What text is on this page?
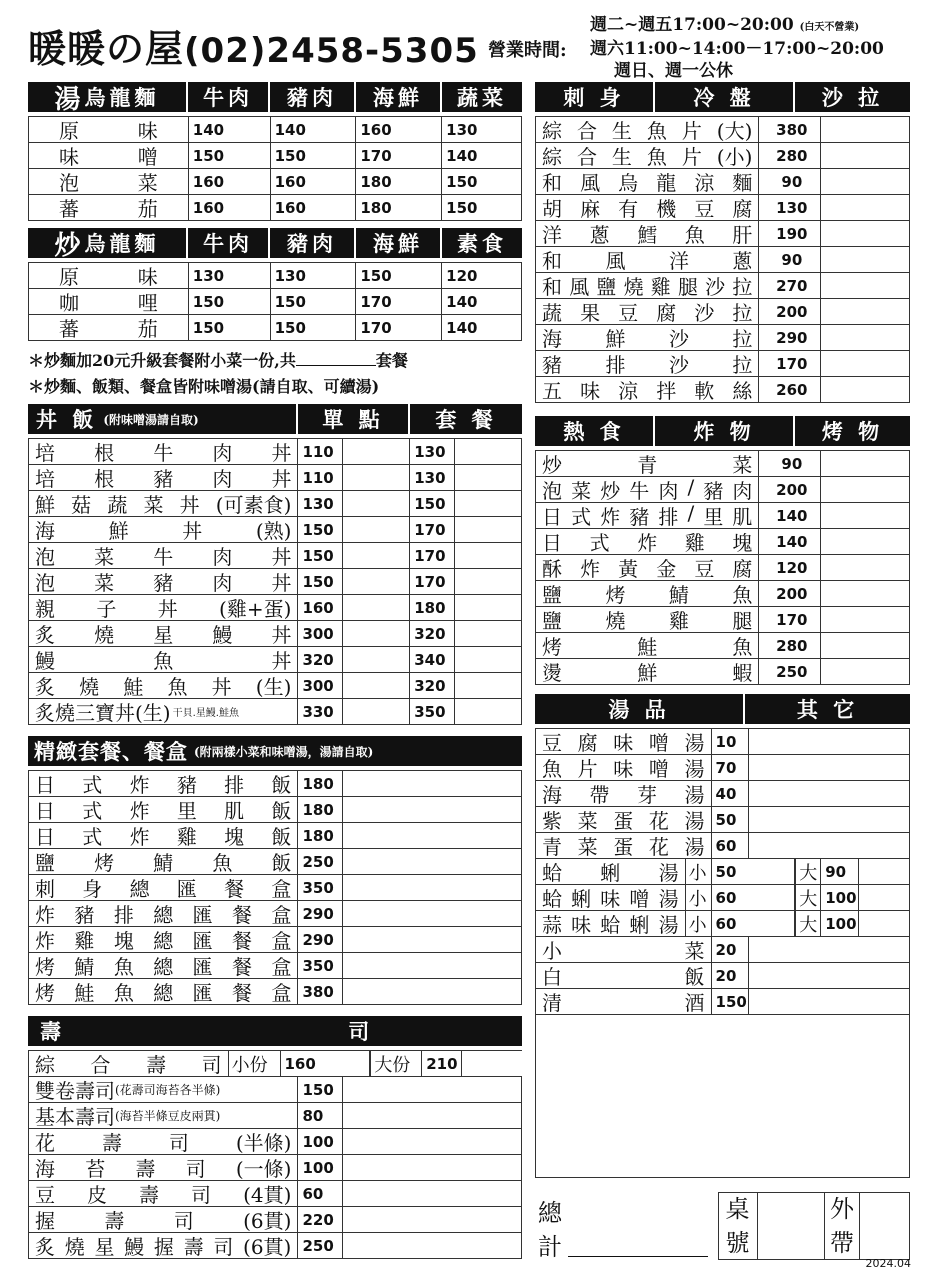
暖暖の屋(02)2458-5305 營業時間:
週二~週五17:00~20:00 (白天不營業)
週六11:00~14:00－17:00~20:00
週日、週一公休
湯 烏龍麵	牛肉	豬肉	海鮮	蔬菜
原	味 140	140	160	130
味	噌 150	150	170	140
泡	菜 160	160	180	150
蕃	茄 160	160	180	150
炒 烏龍麵	牛肉	豬肉	海鮮	素食
原	味 130	130	150	120
咖	哩 150	150	170	140
蕃	茄 150	150	170	140
＊炒麵加20元升級套餐附小菜一份,共	套餐
＊炒麵、飯類、餐盒皆附味噌湯(請自取、可續湯)
丼 飯 (附味噌湯請自取)	單 點	套 餐
培 根 牛 肉 丼 110	130
培 根 豬 肉 丼 110	130
鮮 菇 蔬 菜 丼 (可素食) 130	150
海	鮮	丼	(熟) 150	170
泡 菜 牛 肉 丼 150	170
泡 菜 豬 肉 丼 150	170
親 子 丼 (雞+蛋) 160	180
炙 燒 星 鰻 丼 300	320
鰻	魚	丼 320	340
炙 燒 鮭 魚 丼 (生) 300	320
炙燒三寶丼(生) 干貝.星鰻.鮭魚	330	350
精緻套餐、餐盒 (附兩樣小菜和味噌湯，湯請自取)
日 式 炸 豬 排 飯 180
日 式 炸 里 肌 飯 180
日 式 炸 雞 塊 飯 180
鹽 烤 鯖 魚 飯 250
刺 身 總 匯 餐 盒 350
炸 豬 排 總 匯 餐 盒 290
炸 雞 塊 總 匯 餐 盒 290
烤 鯖 魚 總 匯 餐 盒 350
烤 鮭 魚 總 匯 餐 盒 380
壽 司
綜 合 壽 司 小份	160	大份	210
雙卷壽司 (花壽司海苔各半條)	150
基本壽司 (海苔半條豆皮兩貫)	80
花 壽 司 (半條) 100
海 苔 壽 司 (一條) 100
豆 皮 壽 司 (4貫) 60
握 壽 司 (6貫) 220
炙 燒 星 鰻 握 壽 司 (6貫) 250
刺 身	冷 盤	沙 拉
綜 合 生 魚 片 (大)	380
綜 合 生 魚 片 (小)	280
和 風 烏 龍 涼 麵	90
胡 麻 有 機 豆 腐	130
洋 蔥 鱈 魚 肝	190
和 風 洋 蔥	90
和 風 鹽 燒 雞 腿 沙 拉	270
蔬 果 豆 腐 沙 拉	200
海 鮮 沙 拉	290
豬 排 沙 拉	170
五 味 涼 拌 軟 絲	260
熱 食	炸 物	烤 物
炒	青	菜	90
泡 菜 炒 牛 肉 / 豬 肉	200
日 式 炸 豬 排 / 里 肌	140
日 式 炸 雞 塊	140
酥 炸 黃 金 豆 腐	120
鹽 烤 鯖 魚	200
鹽 燒 雞 腿	170
烤	鮭	魚	280
燙	鮮	蝦	250
湯 品	其 它
豆 腐 味 噌 湯 10
魚 片 味 噌 湯 70
海 帶 芽 湯 40
紫 菜 蛋 花 湯 50
青 菜 蛋 花 湯 60
蛤 蜊 湯 小 50	大 90
蛤 蜊 味 噌 湯 小 60	大 100
蒜 味 蛤 蜊 湯 小 60	大 100
小	菜 20
白	飯 20
清	酒 150
總
計
桌
號
外
帶
2024.04
